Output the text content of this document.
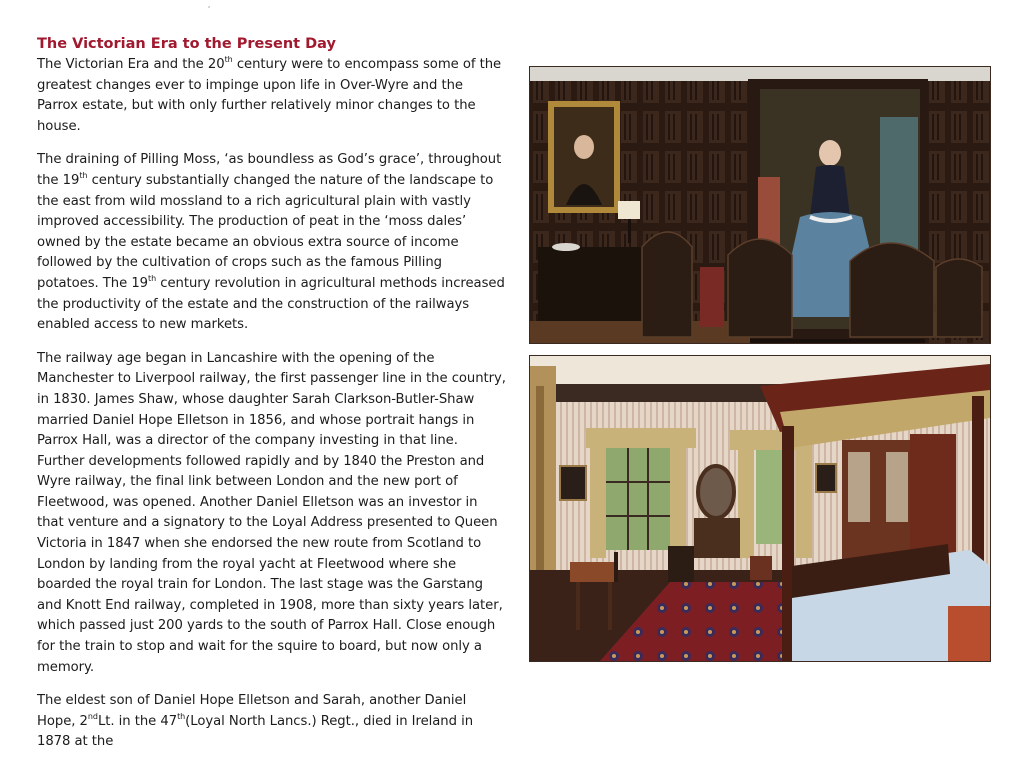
The Victorian Era to the Present Day

The Victorian Era and the 20th century were to encompass some of the greatest changes ever to impinge upon life in Over-Wyre and the Parrox estate, but with only further relatively minor changes to the house.

The draining of Pilling Moss, ‘as boundless as God’s grace’, throughout the 19th century substantially changed the nature of the landscape to the east from wild mossland to a rich agricultural plain with vastly improved accessibility. The production of peat in the ‘moss dales’ owned by the estate became an obvious extra source of income followed by the cultivation of crops such as the famous Pilling potatoes. The 19th century revolution in agricultural methods increased the productivity of the estate and the construction of the railways enabled access to new markets.

The railway age began in Lancashire with the opening of the Manchester to Liverpool railway, the first passenger line in the country, in 1830. James Shaw, whose daughter Sarah Clarkson-Butler-Shaw married Daniel Hope Elletson in 1856, and whose portrait hangs in Parrox Hall, was a director of the company investing in that line. Further developments followed rapidly and by 1840 the Preston and Wyre railway, the final link between London and the new port of Fleetwood, was opened. Another Daniel Elletson was an investor in that venture and a signatory to the Loyal Address presented to Queen Victoria in 1847 when she endorsed the new route from Scotland to London by landing from the royal yacht at Fleetwood where she boarded the royal train for London. The last stage was the Garstang and Knott End railway, completed in 1908, more than sixty years later, which passed just 200 yards to the south of Parrox Hall. Close enough for the train to stop and wait for the squire to board, but now only a memory.

The eldest son of Daniel Hope Elletson and Sarah, another Daniel Hope, 2ndLt. in the 47th(Loyal North Lancs.) Regt., died in Ireland in 1878 at the
